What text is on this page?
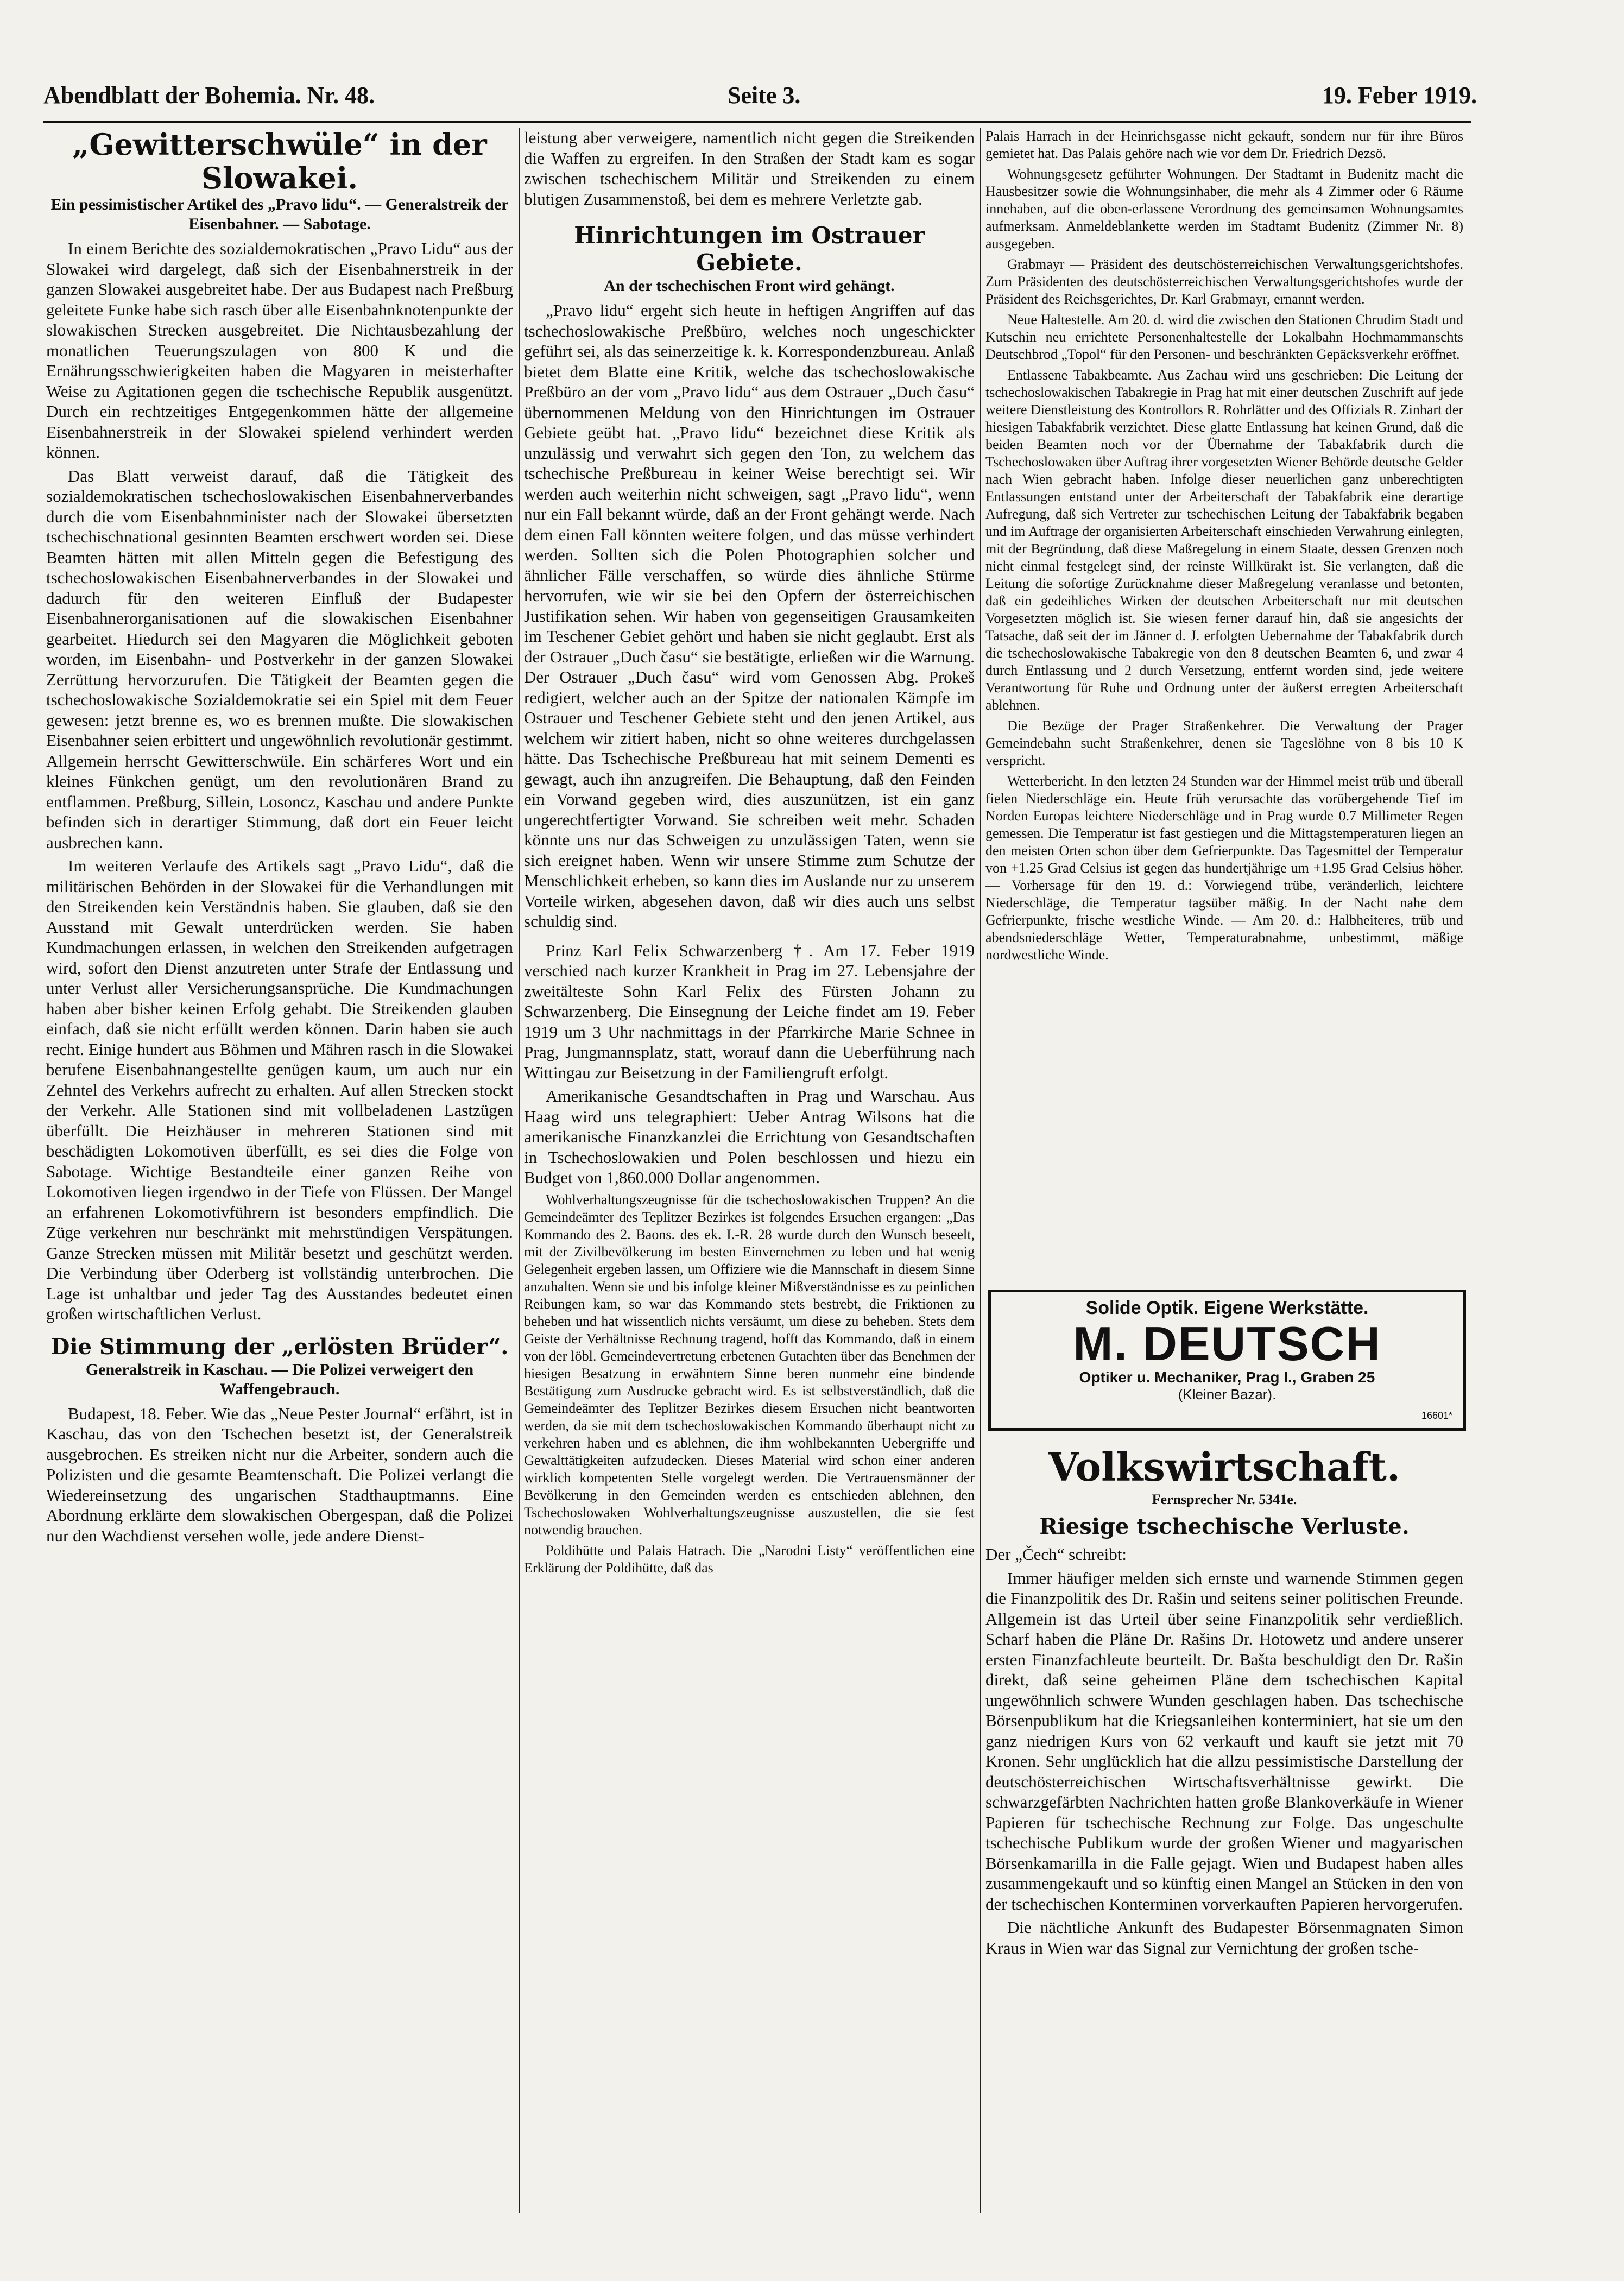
Abendblatt der Bohemia. Nr. 48.	Seite 3.	19. Feber 1919.
„Gewitterschwüle“ in der Slowakei.
Ein pessimistischer Artikel des „Pravo lidu“. — Generalstreik der Eisenbahner. — Sabotage.

In einem Berichte des sozialdemokratischen „Pravo Lidu“ aus der Slowakei wird dargelegt, daß sich der Eisenbahnerstreik in der ganzen Slowakei ausgebreitet habe. Der aus Budapest nach Preßburg geleitete Funke habe sich rasch über alle Eisenbahnknotenpunkte der slowakischen Strecken ausgebreitet. Die Nichtausbezahlung der monatlichen Teuerungszulagen von 800 K und die Ernährungsschwierigkeiten haben die Magyaren in meisterhafter Weise zu Agitationen gegen die tschechische Republik ausgenützt. Durch ein rechtzeitiges Entgegenkommen hätte der allgemeine Eisenbahnerstreik in der Slowakei spielend verhindert werden können.

Das Blatt verweist darauf, daß die Tätigkeit des sozialdemokratischen tschechoslowakischen Eisenbahnerverbandes durch die vom Eisenbahnminister nach der Slowakei übersetzten tschechischnational gesinnten Beamten erschwert worden sei. Diese Beamten hätten mit allen Mitteln gegen die Befestigung des tschechoslowakischen Eisenbahnerverbandes in der Slowakei und dadurch für den weiteren Einfluß der Budapester Eisenbahnerorganisationen auf die slowakischen Eisenbahner gearbeitet. Hiedurch sei den Magyaren die Möglichkeit geboten worden, im Eisenbahn- und Postverkehr in der ganzen Slowakei Zerrüttung hervorzurufen. Die Tätigkeit der Beamten gegen die tschechoslowakische Sozialdemokratie sei ein Spiel mit dem Feuer gewesen: jetzt brenne es, wo es brennen mußte. Die slowakischen Eisenbahner seien erbittert und ungewöhnlich revolutionär gestimmt. Allgemein herrscht Gewitterschwüle. Ein schärferes Wort und ein kleines Fünkchen genügt, um den revolutionären Brand zu entflammen. Preßburg, Sillein, Losoncz, Kaschau und andere Punkte befinden sich in derartiger Stimmung, daß dort ein Feuer leicht ausbrechen kann.

Im weiteren Verlaufe des Artikels sagt „Pravo Lidu“, daß die militärischen Behörden in der Slowakei für die Verhandlungen mit den Streikenden kein Verständnis haben. Sie glauben, daß sie den Ausstand mit Gewalt unterdrücken werden. Sie haben Kundmachungen erlassen, in welchen den Streikenden aufgetragen wird, sofort den Dienst anzutreten unter Strafe der Entlassung und unter Verlust aller Versicherungsansprüche. Die Kundmachungen haben aber bisher keinen Erfolg gehabt. Die Streikenden glauben einfach, daß sie nicht erfüllt werden können. Darin haben sie auch recht. Einige hundert aus Böhmen und Mähren rasch in die Slowakei berufene Eisenbahnangestellte genügen kaum, um auch nur ein Zehntel des Verkehrs aufrecht zu erhalten. Auf allen Strecken stockt der Verkehr. Alle Stationen sind mit vollbeladenen Lastzügen überfüllt. Die Heizhäuser in mehreren Stationen sind mit beschädigten Lokomotiven überfüllt, es sei dies die Folge von Sabotage. Wichtige Bestandteile einer ganzen Reihe von Lokomotiven liegen irgendwo in der Tiefe von Flüssen. Der Mangel an erfahrenen Lokomotivführern ist besonders empfindlich. Die Züge verkehren nur beschränkt mit mehrstündigen Verspätungen. Ganze Strecken müssen mit Militär besetzt und geschützt werden. Die Verbindung über Oderberg ist vollständig unterbrochen. Die Lage ist unhaltbar und jeder Tag des Ausstandes bedeutet einen großen wirtschaftlichen Verlust.

Die Stimmung der „erlösten Brüder“.
Generalstreik in Kaschau. — Die Polizei verweigert den Waffengebrauch.

Budapest, 18. Feber. Wie das „Neue Pester Journal“ erfährt, ist in Kaschau, das von den Tschechen besetzt ist, der Generalstreik ausgebrochen. Es streiken nicht nur die Arbeiter, sondern auch die Polizisten und die gesamte Beamtenschaft. Die Polizei verlangt die Wiedereinsetzung des ungarischen Stadthauptmanns. Eine Abordnung erklärte dem slowakischen Obergespan, daß die Polizei nur den Wachdienst versehen wolle, jede andere Dienst-

leistung aber verweigere, namentlich nicht gegen die Streikenden die Waffen zu ergreifen. In den Straßen der Stadt kam es sogar zwischen tschechischem Militär und Streikenden zu einem blutigen Zusammenstoß, bei dem es mehrere Verletzte gab.

Hinrichtungen im Ostrauer Gebiete.
An der tschechischen Front wird gehängt.

„Pravo lidu“ ergeht sich heute in heftigen Angriffen auf das tschechoslowakische Preßbüro, welches noch ungeschickter geführt sei, als das seinerzeitige k. k. Korrespondenzbureau. Anlaß bietet dem Blatte eine Kritik, welche das tschechoslowakische Preßbüro an der vom „Pravo lidu“ aus dem Ostrauer „Duch času“ übernommenen Meldung von den Hinrichtungen im Ostrauer Gebiete geübt hat. „Pravo lidu“ bezeichnet diese Kritik als unzulässig und verwahrt sich gegen den Ton, zu welchem das tschechische Preßbureau in keiner Weise berechtigt sei. Wir werden auch weiterhin nicht schweigen, sagt „Pravo lidu“, wenn nur ein Fall bekannt würde, daß an der Front gehängt werde. Nach dem einen Fall könnten weitere folgen, und das müsse verhindert werden. Sollten sich die Polen Photographien solcher und ähnlicher Fälle verschaffen, so würde dies ähnliche Stürme hervorrufen, wie wir sie bei den Opfern der österreichischen Justifikation sehen. Wir haben von gegenseitigen Grausamkeiten im Teschener Gebiet gehört und haben sie nicht geglaubt. Erst als der Ostrauer „Duch času“ sie bestätigte, erließen wir die Warnung. Der Ostrauer „Duch času“ wird vom Genossen Abg. Prokeš redigiert, welcher auch an der Spitze der nationalen Kämpfe im Ostrauer und Teschener Gebiete steht und den jenen Artikel, aus welchem wir zitiert haben, nicht so ohne weiteres durchgelassen hätte. Das Tschechische Preßbureau hat mit seinem Dementi es gewagt, auch ihn anzugreifen. Die Behauptung, daß den Feinden ein Vorwand gegeben wird, dies auszunützen, ist ein ganz ungerechtfertigter Vorwand. Sie schreiben weit mehr. Schaden könnte uns nur das Schweigen zu unzulässigen Taten, wenn sie sich ereignet haben. Wenn wir unsere Stimme zum Schutze der Menschlichkeit erheben, so kann dies im Auslande nur zu unserem Vorteile wirken, abgesehen davon, daß wir dies auch uns selbst schuldig sind.

Prinz Karl Felix Schwarzenberg †. Am 17. Feber 1919 verschied nach kurzer Krankheit in Prag im 27. Lebensjahre der zweitälteste Sohn Karl Felix des Fürsten Johann zu Schwarzenberg. Die Einsegnung der Leiche findet am 19. Feber 1919 um 3 Uhr nachmittags in der Pfarrkirche Marie Schnee in Prag, Jungmannsplatz, statt, worauf dann die Ueberführung nach Wittingau zur Beisetzung in der Familiengruft erfolgt.

Amerikanische Gesandtschaften in Prag und Warschau. Aus Haag wird uns telegraphiert: Ueber Antrag Wilsons hat die amerikanische Finanzkanzlei die Errichtung von Gesandtschaften in Tschechoslowakien und Polen beschlossen und hiezu ein Budget von 1,860.000 Dollar angenommen.

Wohlverhaltungszeugnisse für die tschechoslowakischen Truppen? An die Gemeindeämter des Teplitzer Bezirkes ist folgendes Ersuchen ergangen: „Das Kommando des 2. Baons. des ek. I.-R. 28 wurde durch den Wunsch beseelt, mit der Zivilbevölkerung im besten Einvernehmen zu leben und hat wenig Gelegenheit ergeben lassen, um Offiziere wie die Mannschaft in diesem Sinne anzuhalten. Wenn sie und bis infolge kleiner Mißverständnisse es zu peinlichen Reibungen kam, so war das Kommando stets bestrebt, die Friktionen zu beheben und hat wissentlich nichts versäumt, um diese zu beheben. Stets dem Geiste der Verhältnisse Rechnung tragend, hofft das Kommando, daß in einem von der löbl. Gemeindevertretung erbetenen Gutachten über das Benehmen der hiesigen Besatzung in erwähntem Sinne beren nunmehr eine bindende Bestätigung zum Ausdrucke gebracht wird. Es ist selbstverständlich, daß die Gemeindeämter des Teplitzer Bezirkes diesem Ersuchen nicht beantworten werden, da sie mit dem tschechoslowakischen Kommando überhaupt nicht zu verkehren haben und es ablehnen, die ihm wohlbekannten Uebergriffe und Gewalttätigkeiten aufzudecken. Dieses Material wird schon einer anderen wirklich kompetenten Stelle vorgelegt werden. Die Vertrauensmänner der Bevölkerung in den Gemeinden werden es entschieden ablehnen, den Tschechoslowaken Wohlverhaltungszeugnisse auszustellen, die sie fest notwendig brauchen.

Poldihütte und Palais Hatrach. Die „Narodni Listy“ veröffentlichen eine Erklärung der Poldihütte, daß das

Palais Harrach in der Heinrichsgasse nicht gekauft, sondern nur für ihre Büros gemietet hat. Das Palais gehöre nach wie vor dem Dr. Friedrich Dezsö.

Wohnungsgesetz geführter Wohnungen. Der Stadtamt in Budenitz macht die Hausbesitzer sowie die Wohnungsinhaber, die mehr als 4 Zimmer oder 6 Räume innehaben, auf die oben-erlassene Verordnung des gemeinsamen Wohnungsamtes aufmerksam. Anmeldeblankette werden im Stadtamt Budenitz (Zimmer Nr. 8) ausgegeben.

Grabmayr — Präsident des deutschösterreichischen Verwaltungsgerichtshofes. Zum Präsidenten des deutschösterreichischen Verwaltungsgerichtshofes wurde der Präsident des Reichsgerichtes, Dr. Karl Grabmayr, ernannt werden.

Neue Haltestelle. Am 20. d. wird die zwischen den Stationen Chrudim Stadt und Kutschin neu errichtete Personenhaltestelle der Lokalbahn Hochmammanschts Deutschbrod „Topol“ für den Personen- und beschränkten Gepäcksverkehr eröffnet.

Entlassene Tabakbeamte. Aus Zachau wird uns geschrieben: Die Leitung der tschechoslowakischen Tabakregie in Prag hat mit einer deutschen Zuschrift auf jede weitere Dienstleistung des Kontrollors R. Rohrlätter und des Offizials R. Zinhart der hiesigen Tabakfabrik verzichtet. Diese glatte Entlassung hat keinen Grund, daß die beiden Beamten noch vor der Übernahme der Tabakfabrik durch die Tschechoslowaken über Auftrag ihrer vorgesetzten Wiener Behörde deutsche Gelder nach Wien gebracht haben. Infolge dieser neuerlichen ganz unberechtigten Entlassungen entstand unter der Arbeiterschaft der Tabakfabrik eine derartige Aufregung, daß sich Vertreter zur tschechischen Leitung der Tabakfabrik begaben und im Auftrage der organisierten Arbeiterschaft einschieden Verwahrung einlegten, mit der Begründung, daß diese Maßregelung in einem Staate, dessen Grenzen noch nicht einmal festgelegt sind, der reinste Willkürakt ist. Sie verlangten, daß die Leitung die sofortige Zurücknahme dieser Maßregelung veranlasse und betonten, daß ein gedeihliches Wirken der deutschen Arbeiterschaft nur mit deutschen Vorgesetzten möglich ist. Sie wiesen ferner darauf hin, daß sie angesichts der Tatsache, daß seit der im Jänner d. J. erfolgten Uebernahme der Tabakfabrik durch die tschechoslowakische Tabakregie von den 8 deutschen Beamten 6, und zwar 4 durch Entlassung und 2 durch Versetzung, entfernt worden sind, jede weitere Verantwortung für Ruhe und Ordnung unter der äußerst erregten Arbeiterschaft ablehnen.

Die Bezüge der Prager Straßenkehrer. Die Verwaltung der Prager Gemeindebahn sucht Straßenkehrer, denen sie Tageslöhne von 8 bis 10 K verspricht.

Wetterbericht. In den letzten 24 Stunden war der Himmel meist trüb und überall fielen Niederschläge ein. Heute früh verursachte das vorübergehende Tief im Norden Europas leichtere Niederschläge und in Prag wurde 0.7 Millimeter Regen gemessen. Die Temperatur ist fast gestiegen und die Mittagstemperaturen liegen an den meisten Orten schon über dem Gefrierpunkte. Das Tagesmittel der Temperatur von +1.25 Grad Celsius ist gegen das hundertjährige um +1.95 Grad Celsius höher. — Vorhersage für den 19. d.: Vorwiegend trübe, veränderlich, leichtere Niederschläge, die Temperatur tagsüber mäßig. In der Nacht nahe dem Gefrierpunkte, frische westliche Winde. — Am 20. d.: Halbheiteres, trüb und abendsniederschläge Wetter, Temperaturabnahme, unbestimmt, mäßige nordwestliche Winde.

Solide Optik. Eigene Werkstätte.
M. DEUTSCH
Optiker u. Mechaniker, Prag I., Graben 25
(Kleiner Bazar).
16601*
Volkswirtschaft.
Fernsprecher Nr. 5341e.
Riesige tschechische Verluste.

Der „Čech“ schreibt:

Immer häufiger melden sich ernste und warnende Stimmen gegen die Finanzpolitik des Dr. Rašin und seitens seiner politischen Freunde. Allgemein ist das Urteil über seine Finanzpolitik sehr verdießlich. Scharf haben die Pläne Dr. Rašins Dr. Hotowetz und andere unserer ersten Finanzfachleute beurteilt. Dr. Bašta beschuldigt den Dr. Rašin direkt, daß seine geheimen Pläne dem tschechischen Kapital ungewöhnlich schwere Wunden geschlagen haben. Das tschechische Börsenpublikum hat die Kriegsanleihen konterminiert, hat sie um den ganz niedrigen Kurs von 62 verkauft und kauft sie jetzt mit 70 Kronen. Sehr unglücklich hat die allzu pessimistische Darstellung der deutschösterreichischen Wirtschaftsverhältnisse gewirkt. Die schwarzgefärbten Nachrichten hatten große Blankoverkäufe in Wiener Papieren für tschechische Rechnung zur Folge. Das ungeschulte tschechische Publikum wurde der großen Wiener und magyarischen Börsenkamarilla in die Falle gejagt. Wien und Budapest haben alles zusammengekauft und so künftig einen Mangel an Stücken in den von der tschechischen Konterminen vorverkauften Papieren hervorgerufen.

Die nächtliche Ankunft des Budapester Börsenmagnaten Simon Kraus in Wien war das Signal zur Vernichtung der großen tsche-
